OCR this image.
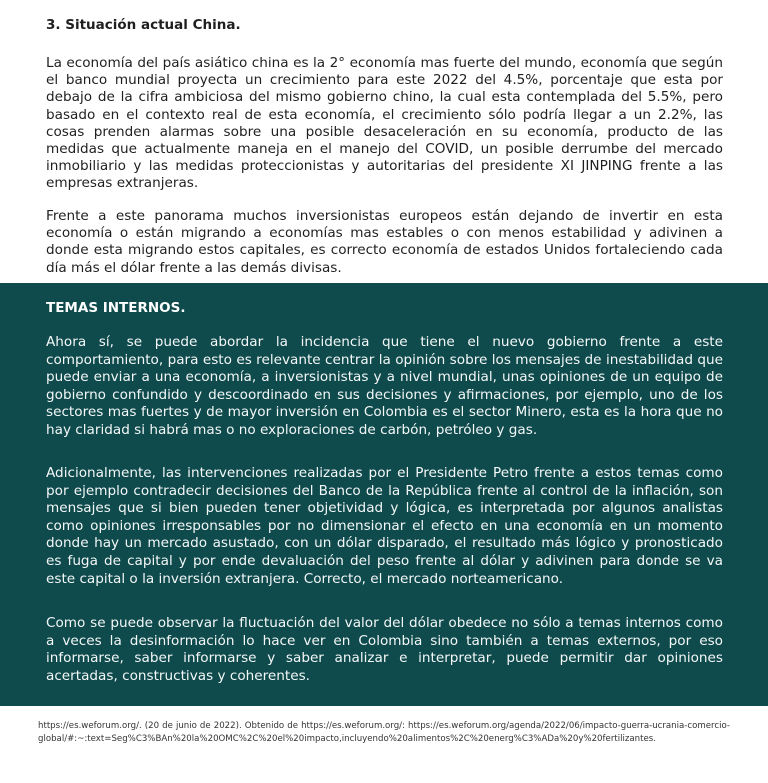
3. Situación actual China.

La economía del país asiático china es la 2° economía mas fuerte del mundo, economía que según el banco mundial proyecta un crecimiento para este 2022 del 4.5%, porcentaje que esta por debajo de la cifra ambiciosa del mismo gobierno chino, la cual esta contemplada del 5.5%, pero basado en el contexto real de esta economía, el crecimiento sólo podría llegar a un 2.2%, las cosas prenden alarmas sobre una posible desaceleración en su economía, producto de las medidas que actualmente maneja en el manejo del COVID, un posible derrumbe del mercado inmobiliario y las medidas proteccionistas y autoritarias del presidente XI JINPING frente a las empresas extranjeras.

Frente a este panorama muchos inversionistas europeos están dejando de invertir en esta economía o están migrando a economías mas estables o con menos estabilidad y adivinen a donde esta migrando estos capitales, es correcto economía de estados Unidos fortaleciendo cada día más el dólar frente a las demás divisas.

TEMAS INTERNOS.

Ahora sí, se puede abordar la incidencia que tiene el nuevo gobierno frente a este comportamiento, para esto es relevante centrar la opinión sobre los mensajes de inestabilidad que puede enviar a una economía, a inversionistas y a nivel mundial, unas opiniones de un equipo de gobierno confundido y descoordinado en sus decisiones y afirmaciones, por ejemplo, uno de los sectores mas fuertes y de mayor inversión en Colombia es el sector Minero, esta es la hora que no hay claridad si habrá mas o no exploraciones de carbón, petróleo y gas.

Adicionalmente, las intervenciones realizadas por el Presidente Petro frente a estos temas como por ejemplo contradecir decisiones del Banco de la República frente al control de la inflación, son mensajes que si bien pueden tener objetividad y lógica, es interpretada por algunos analistas como opiniones irresponsables por no dimensionar el efecto en una economía en un momento donde hay un mercado asustado, con un dólar disparado, el resultado más lógico y pronosticado es fuga de capital y por ende devaluación del peso frente al dólar y adivinen para donde se va este capital o la inversión extranjera. Correcto, el mercado norteamericano.

Como se puede observar la fluctuación del valor del dólar obedece no sólo a temas internos como a veces la desinformación lo hace ver en Colombia sino también a temas externos, por eso informarse, saber informarse y saber analizar e interpretar, puede permitir dar opiniones acertadas, constructivas y coherentes.

https://es.weforum.org/. (20 de junio de 2022). Obtenido de https://es.weforum.org/: https://es.weforum.org/agenda/2022/06/impacto-guerra-ucrania-comercio-global/#:~:text=Seg%C3%BAn%20la%20OMC%2C%20el%20impacto,incluyendo%20alimentos%2C%20energ%C3%ADa%20y%20fertilizantes.
